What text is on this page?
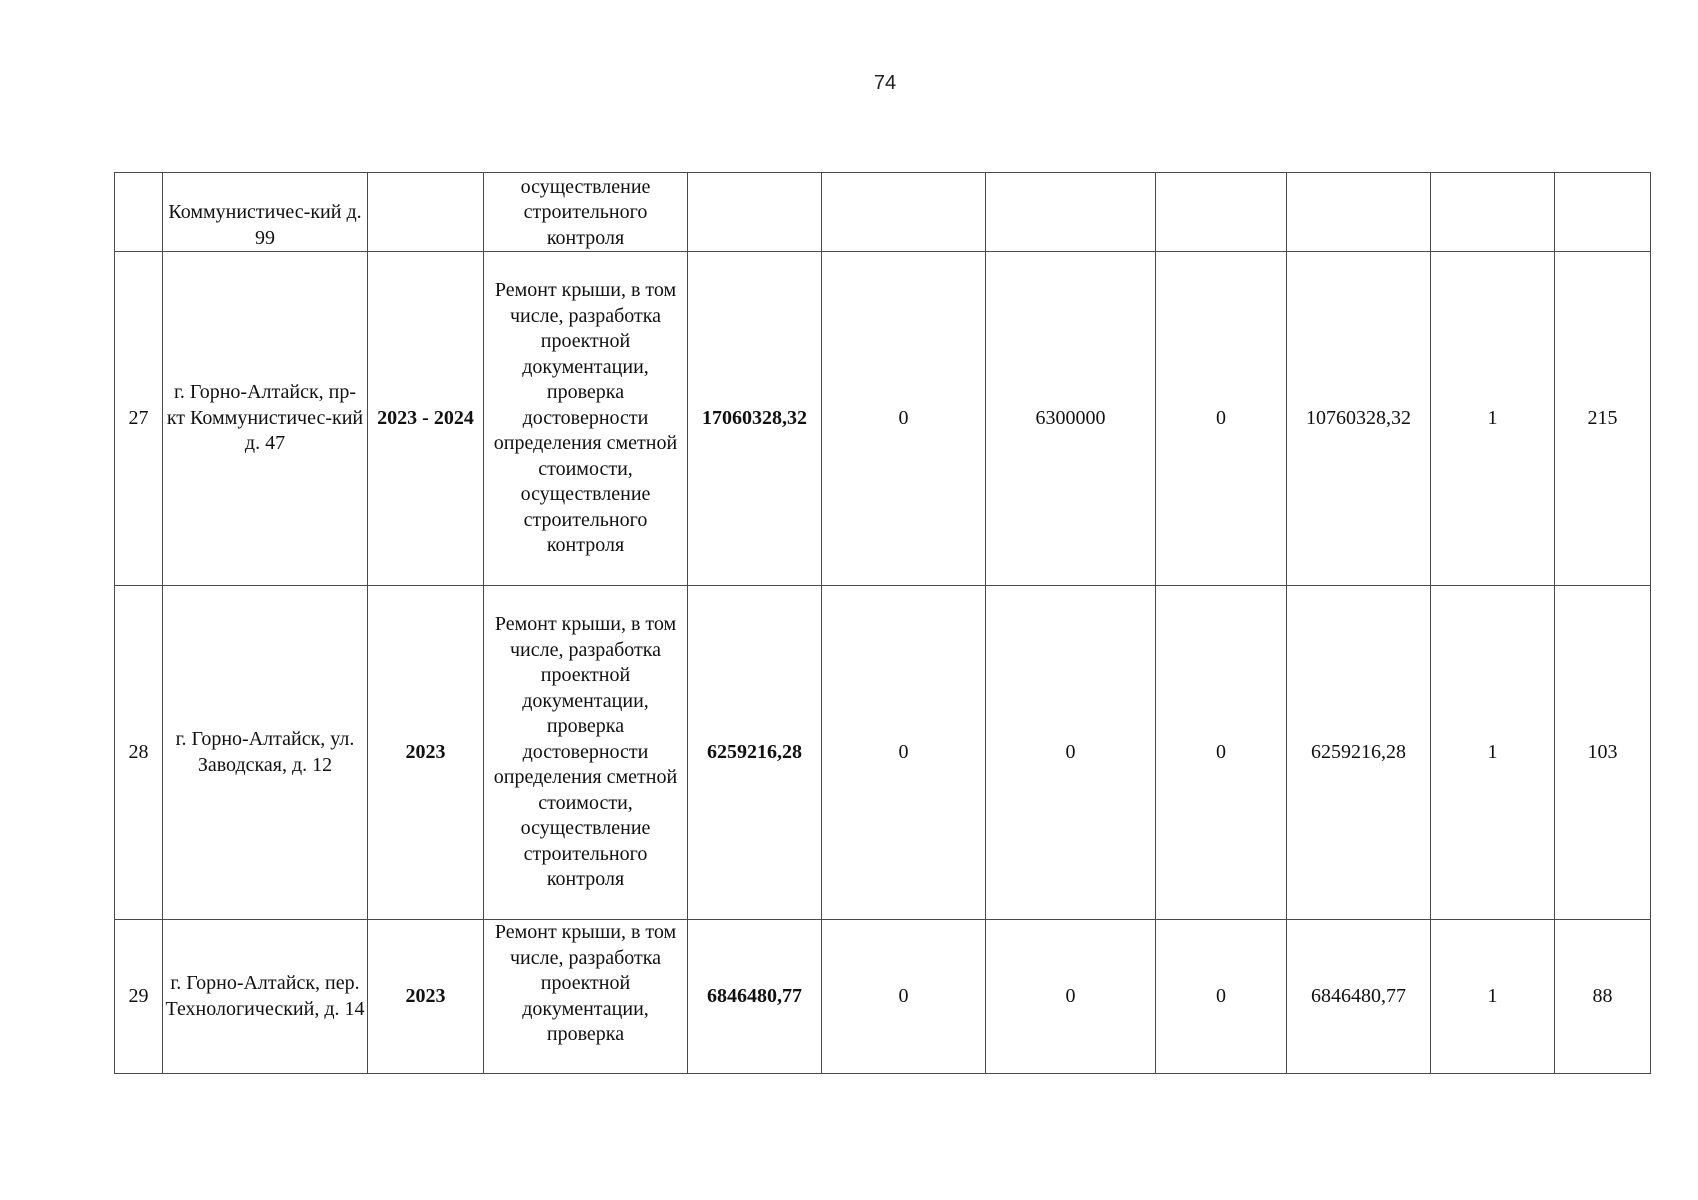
74

	Коммунистичес-кий д. 99		осуществление строительного контроля							

27	г. Горно-Алтайск, пр-кт Коммунистичес-кий д. 47	2023 - 2024	Ремонт крыши, в том числе, разработка проектной документации, проверка достоверности определения сметной стоимости, осуществление строительного контроля	17060328,32	0	6300000	0	10760328,32	1	215
28	г. Горно-Алтайск, ул. Заводская, д. 12	2023	Ремонт крыши, в том числе, разработка проектной документации, проверка достоверности определения сметной стоимости, осуществление строительного контроля	6259216,28	0	0	0	6259216,28	1	103
29	г. Горно-Алтайск, пер. Технологический, д. 14	2023	Ремонт крыши, в том числе, разработка проектной документации, проверка	6846480,77	0	0	0	6846480,77	1	88
